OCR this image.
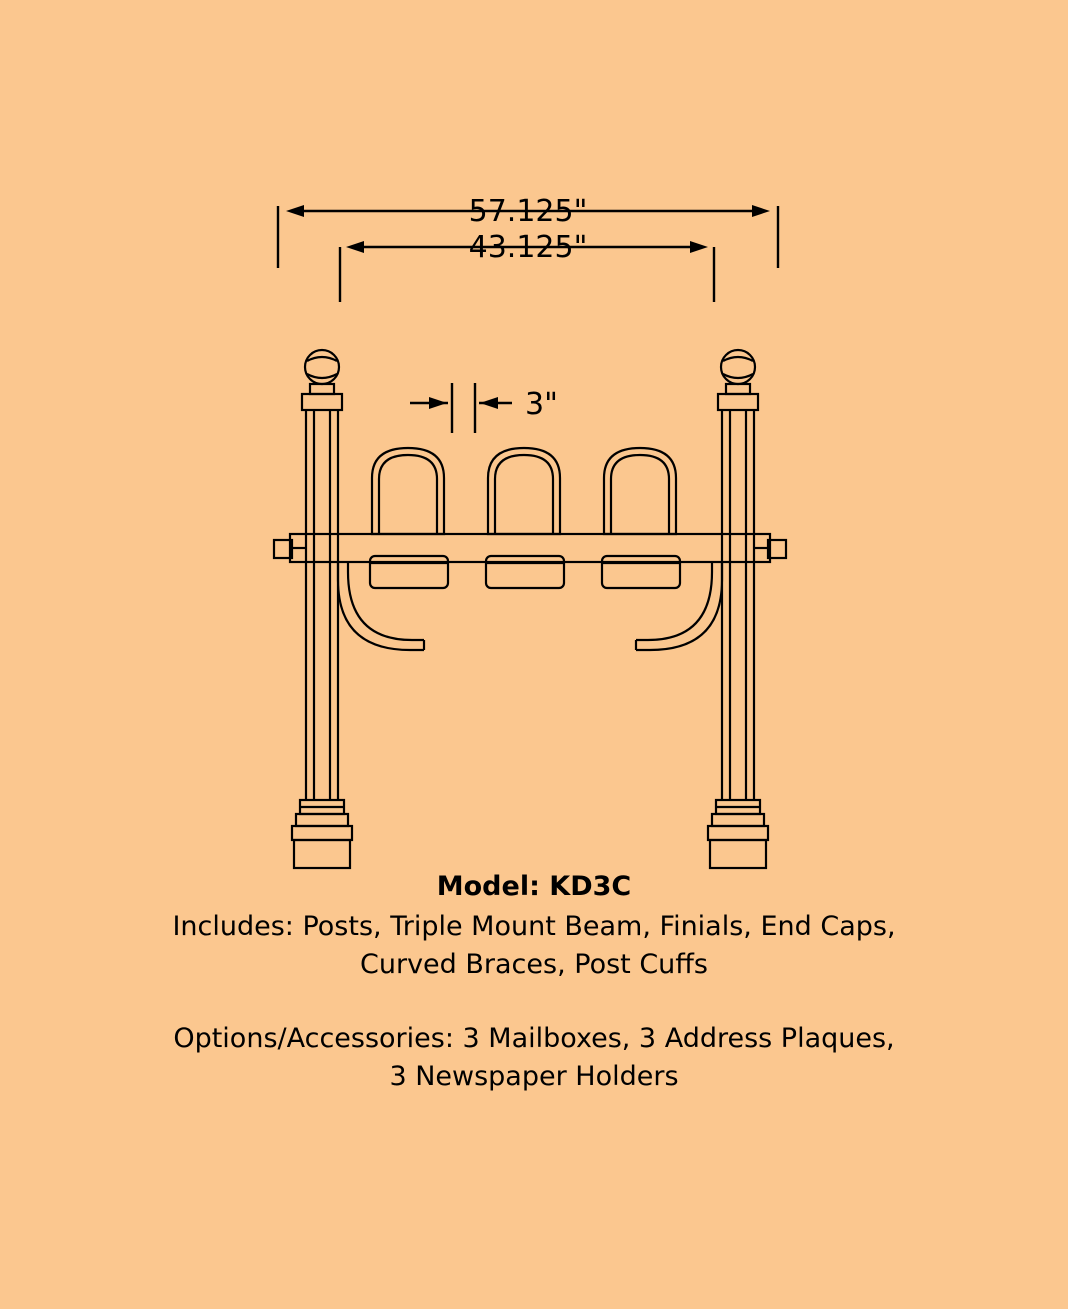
57.125"
43.125"
3"

Model: KD3C

Includes: Posts, Triple Mount Beam, Finials, End Caps,

Curved Braces, Post Cuffs

Options/Accessories: 3 Mailboxes, 3 Address Plaques,

3 Newspaper Holders
